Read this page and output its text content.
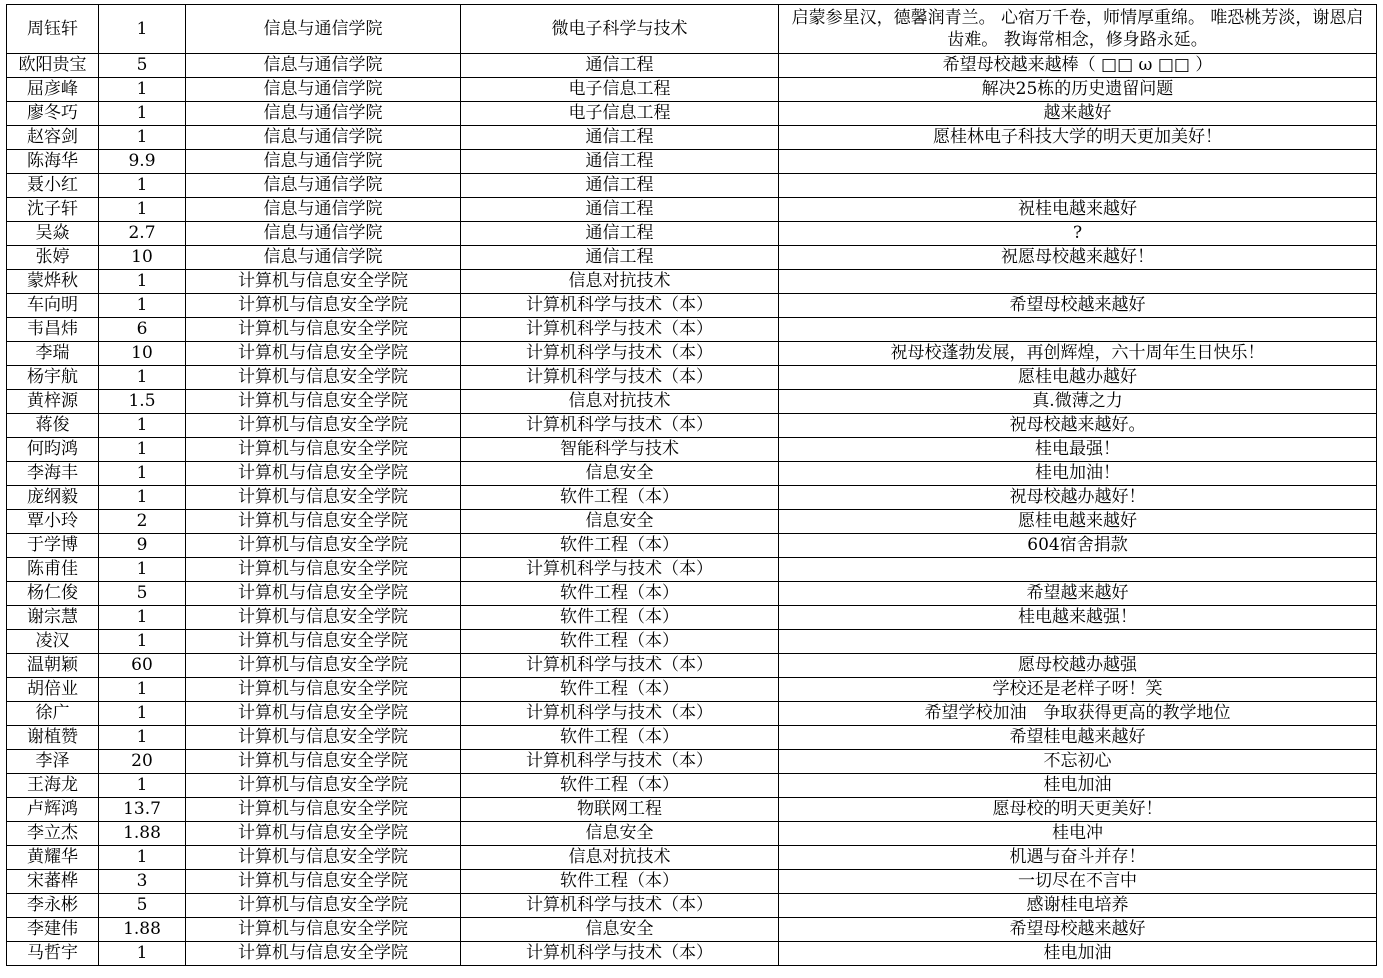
周钰轩	1	信息与通信学院	微电子科学与技术	启蒙参星汉，德馨润青兰。 心宿万千卷，师情厚重绵。 唯恐桃芳淡，谢恩启齿难。 教诲常相念，修身路永延。
欧阳贵宝	5	信息与通信学院	通信工程	希望母校越来越棒（ □□ ω □□ ）
屈彦峰	1	信息与通信学院	电子信息工程	解决25栋的历史遗留问题
廖冬巧	1	信息与通信学院	电子信息工程	越来越好
赵容剑	1	信息与通信学院	通信工程	愿桂林电子科技大学的明天更加美好！
陈海华	9.9	信息与通信学院	通信工程	
聂小红	1	信息与通信学院	通信工程	
沈子轩	1	信息与通信学院	通信工程	祝桂电越来越好
吴焱	2.7	信息与通信学院	通信工程	?
张婷	10	信息与通信学院	通信工程	祝愿母校越来越好！
蒙烨秋	1	计算机与信息安全学院	信息对抗技术	
车向明	1	计算机与信息安全学院	计算机科学与技术（本）	希望母校越来越好
韦昌炜	6	计算机与信息安全学院	计算机科学与技术（本）	
李瑞	10	计算机与信息安全学院	计算机科学与技术（本）	祝母校蓬勃发展，再创辉煌，六十周年生日快乐！
杨宇航	1	计算机与信息安全学院	计算机科学与技术（本）	愿桂电越办越好
黄梓源	1.5	计算机与信息安全学院	信息对抗技术	真.微薄之力
蒋俊	1	计算机与信息安全学院	计算机科学与技术（本）	祝母校越来越好。
何昀鸿	1	计算机与信息安全学院	智能科学与技术	桂电最强！
李海丰	1	计算机与信息安全学院	信息安全	桂电加油！
庞纲毅	1	计算机与信息安全学院	软件工程（本）	祝母校越办越好！
覃小玲	2	计算机与信息安全学院	信息安全	愿桂电越来越好
于学博	9	计算机与信息安全学院	软件工程（本）	604宿舍捐款
陈甫佳	1	计算机与信息安全学院	计算机科学与技术（本）	
杨仁俊	5	计算机与信息安全学院	软件工程（本）	希望越来越好
谢宗慧	1	计算机与信息安全学院	软件工程（本）	桂电越来越强！
凌汉	1	计算机与信息安全学院	软件工程（本）	
温朝颖	60	计算机与信息安全学院	计算机科学与技术（本）	愿母校越办越强
胡倍业	1	计算机与信息安全学院	软件工程（本）	学校还是老样子呀！笑
徐广	1	计算机与信息安全学院	计算机科学与技术（本）	希望学校加油　争取获得更高的教学地位
谢植赞	1	计算机与信息安全学院	软件工程（本）	希望桂电越来越好
李泽	20	计算机与信息安全学院	计算机科学与技术（本）	不忘初心
王海龙	1	计算机与信息安全学院	软件工程（本）	桂电加油
卢辉鸿	13.7	计算机与信息安全学院	物联网工程	愿母校的明天更美好！
李立杰	1.88	计算机与信息安全学院	信息安全	桂电冲
黄耀华	1	计算机与信息安全学院	信息对抗技术	机遇与奋斗并存！
宋蕃桦	3	计算机与信息安全学院	软件工程（本）	一切尽在不言中
李永彬	5	计算机与信息安全学院	计算机科学与技术（本）	感谢桂电培养
李建伟	1.88	计算机与信息安全学院	信息安全	希望母校越来越好
马哲宇	1	计算机与信息安全学院	计算机科学与技术（本）	桂电加油
